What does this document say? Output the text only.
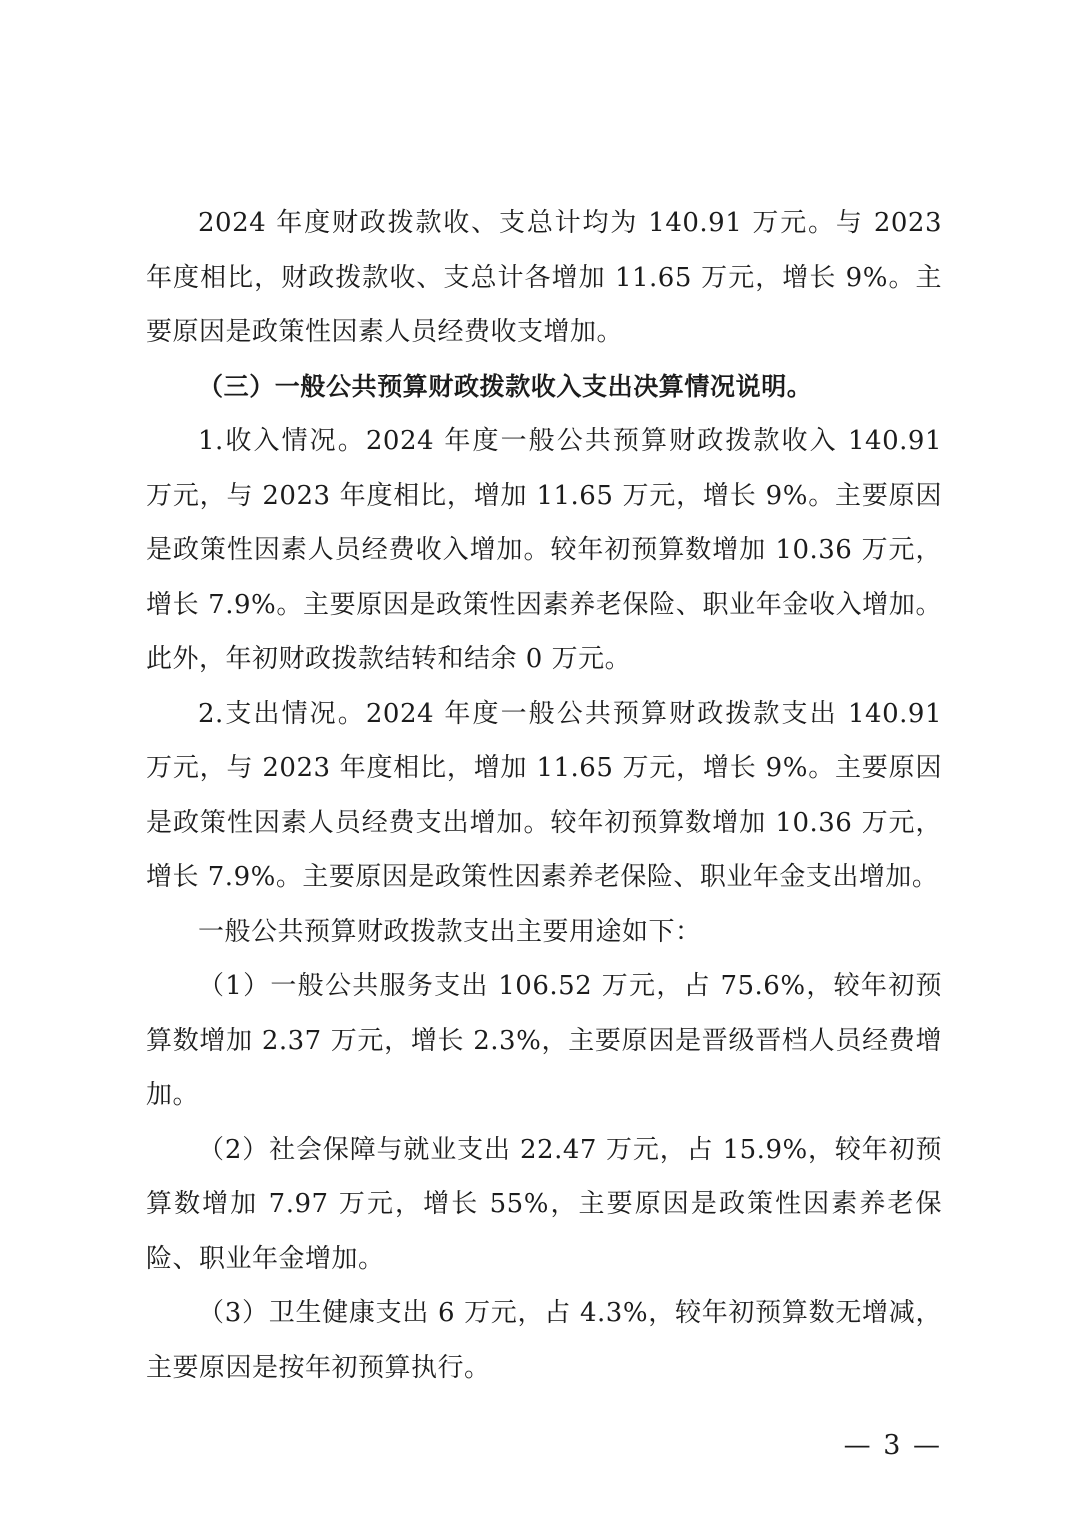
2024 年度财政拨款收、支总计均为 140.91 万元。与 2023 年度相比，财政拨款收、支总计各增加 11.65 万元，增长 9%。主要原因是政策性因素人员经费收支增加。

（三）一般公共预算财政拨款收入支出决算情况说明。

1.收入情况。2024 年度一般公共预算财政拨款收入 140.91 万元，与 2023 年度相比，增加 11.65 万元，增长 9%。主要原因是政策性因素人员经费收入增加。较年初预算数增加 10.36 万元，增长 7.9%。主要原因是政策性因素养老保险、职业年金收入增加。此外，年初财政拨款结转和结余 0 万元。

2.支出情况。2024 年度一般公共预算财政拨款支出 140.91 万元，与 2023 年度相比，增加 11.65 万元，增长 9%。主要原因是政策性因素人员经费支出增加。较年初预算数增加 10.36 万元，增长 7.9%。主要原因是政策性因素养老保险、职业年金支出增加。

一般公共预算财政拨款支出主要用途如下：

（1）一般公共服务支出 106.52 万元，占 75.6%，较年初预算数增加 2.37 万元，增长 2.3%，主要原因是晋级晋档人员经费增加。

（2）社会保障与就业支出 22.47 万元，占 15.9%，较年初预算数增加 7.97 万元，增长 55%，主要原因是政策性因素养老保险、职业年金增加。

（3）卫生健康支出 6 万元，占 4.3%，较年初预算数无增减，主要原因是按年初预算执行。

— 3 —
